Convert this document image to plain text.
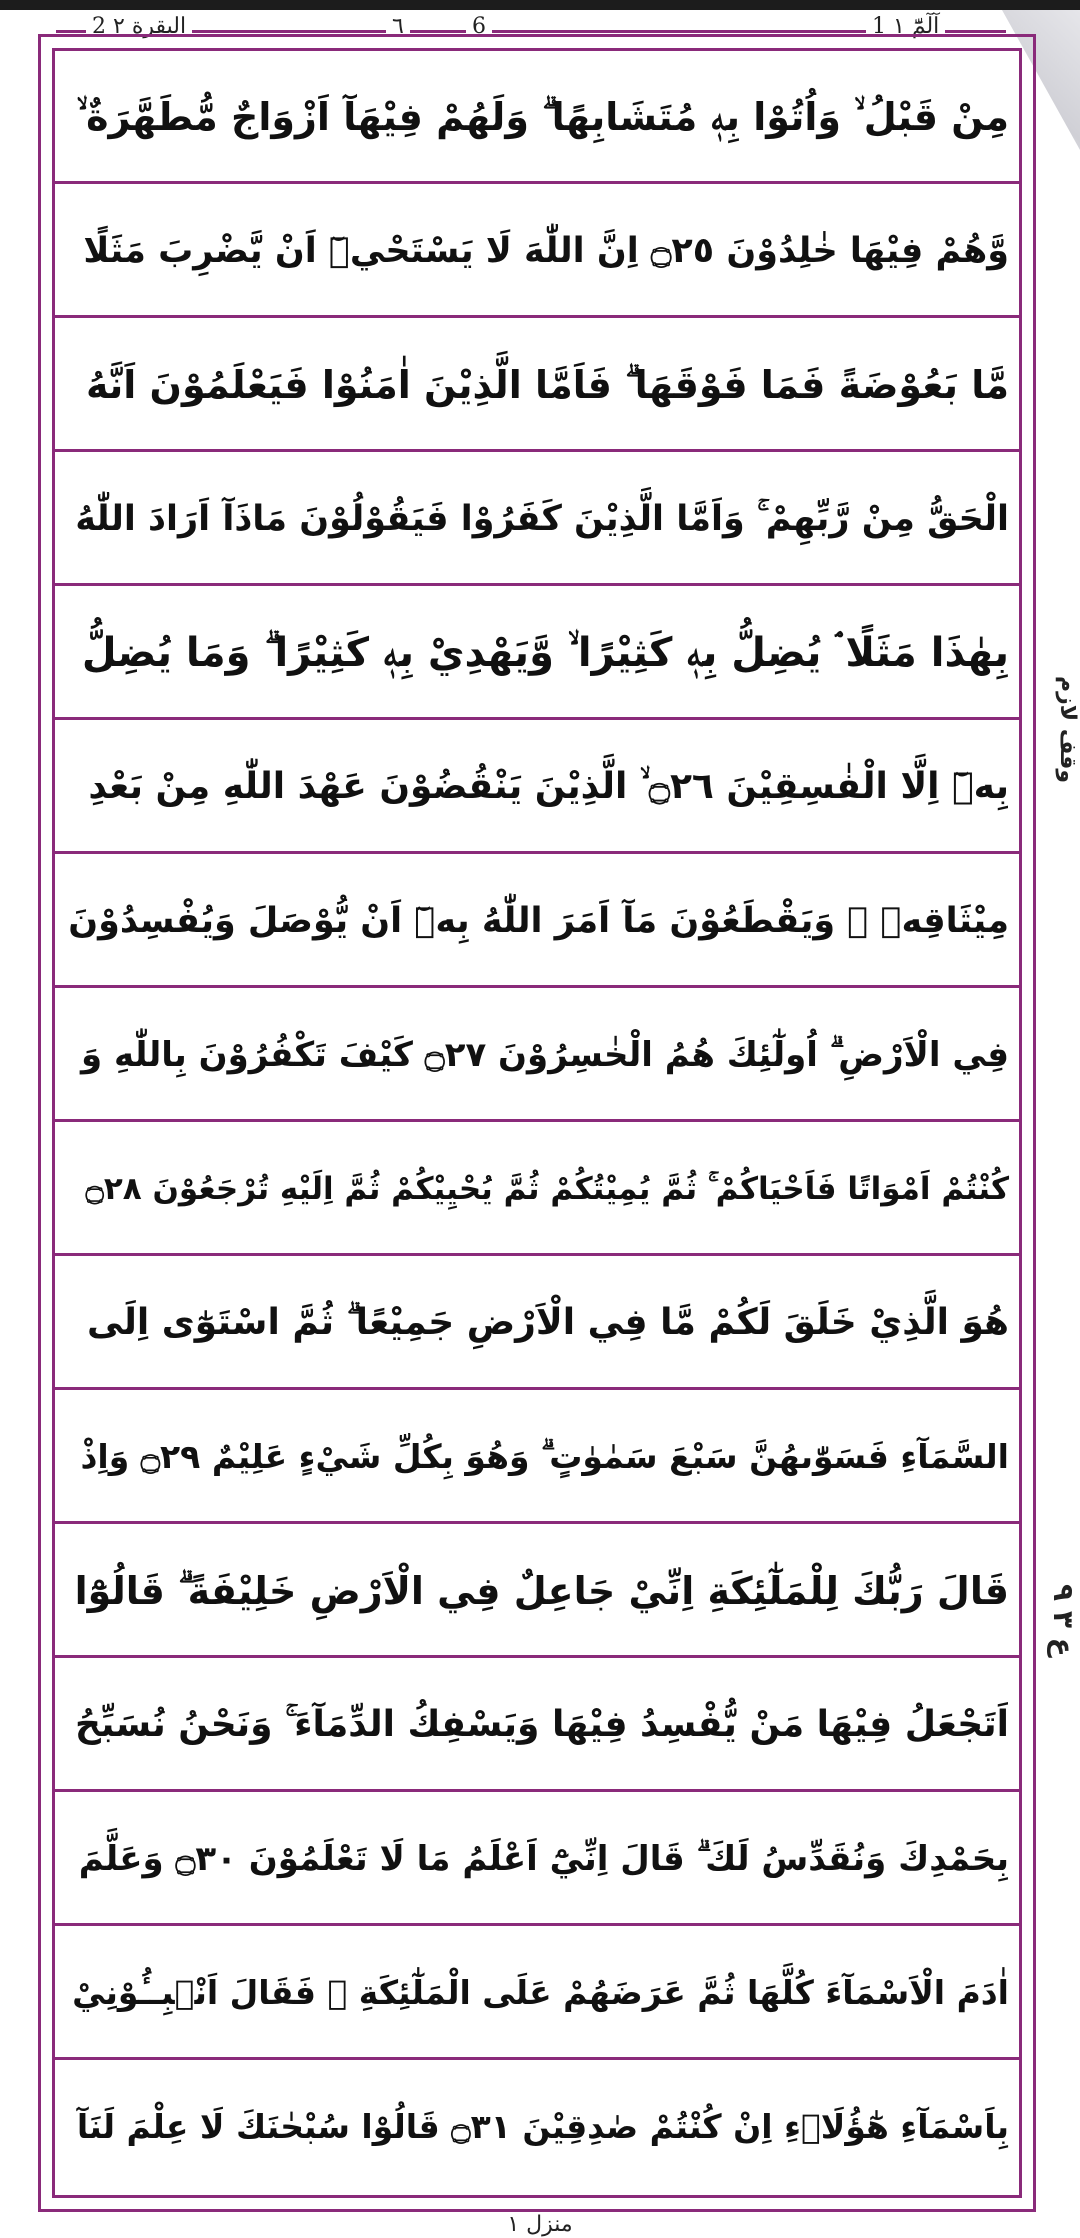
2 البقرة ٢	٦	6	1 آلٓمّٓ ١
مِنْ قَبْلُ ۙ وَاُتُوْا بِهٖ مُتَشَابِهًا ۗ وَلَهُمْ فِيْهَآ اَزْوَاجٌ مُّطَهَّرَةٌ ۙ
وَّهُمْ فِيْهَا خٰلِدُوْنَ ۝٢٥ اِنَّ اللّٰهَ لَا يَسْتَحْيٖٓ اَنْ يَّضْرِبَ مَثَلًا
مَّا بَعُوْضَةً فَمَا فَوْقَهَا ۗ فَاَمَّا الَّذِيْنَ اٰمَنُوْا فَيَعْلَمُوْنَ اَنَّهُ
الْحَقُّ مِنْ رَّبِّهِمْ ۚ وَاَمَّا الَّذِيْنَ كَفَرُوْا فَيَقُوْلُوْنَ مَاذَآ اَرَادَ اللّٰهُ
بِهٰذَا مَثَلًا ۘ يُضِلُّ بِهٖ كَثِيْرًا ۙ وَّيَهْدِيْ بِهٖ كَثِيْرًا ۗ وَمَا يُضِلُّ
بِهٖٓ اِلَّا الْفٰسِقِيْنَ ۝٢٦ ۙ الَّذِيْنَ يَنْقُضُوْنَ عَهْدَ اللّٰهِ مِنْ بَعْدِ
مِيْثَاقِهٖ ۠ وَيَقْطَعُوْنَ مَآ اَمَرَ اللّٰهُ بِهٖٓ اَنْ يُّوْصَلَ وَيُفْسِدُوْنَ
فِي الْاَرْضِ ۗ اُولٰٓئِكَ هُمُ الْخٰسِرُوْنَ ۝٢٧ كَيْفَ تَكْفُرُوْنَ بِاللّٰهِ وَ
كُنْتُمْ اَمْوَاتًا فَاَحْيَاكُمْ ۚ ثُمَّ يُمِيْتُكُمْ ثُمَّ يُحْيِيْكُمْ ثُمَّ اِلَيْهِ تُرْجَعُوْنَ ۝٢٨
هُوَ الَّذِيْ خَلَقَ لَكُمْ مَّا فِي الْاَرْضِ جَمِيْعًا ۗ ثُمَّ اسْتَوٰٓى اِلَى
السَّمَآءِ فَسَوّٰىهُنَّ سَبْعَ سَمٰوٰتٍ ۗ وَهُوَ بِكُلِّ شَيْءٍ عَلِيْمٌ ۝٢٩ وَاِذْ
قَالَ رَبُّكَ لِلْمَلٰٓئِكَةِ اِنِّيْ جَاعِلٌ فِي الْاَرْضِ خَلِيْفَةً ۗ قَالُوْٓا
اَتَجْعَلُ فِيْهَا مَنْ يُّفْسِدُ فِيْهَا وَيَسْفِكُ الدِّمَآءَ ۚ وَنَحْنُ نُسَبِّحُ
بِحَمْدِكَ وَنُقَدِّسُ لَكَ ۗ قَالَ اِنِّيْٓ اَعْلَمُ مَا لَا تَعْلَمُوْنَ ۝٣٠ وَعَلَّمَ
اٰدَمَ الْاَسْمَآءَ كُلَّهَا ثُمَّ عَرَضَهُمْ عَلَى الْمَلٰٓئِكَةِ ۙ فَقَالَ اَنْۢبِــُٔوْنِيْ
بِاَسْمَآءِ هٰٓؤُلَاۗءِ اِنْ كُنْتُمْ صٰدِقِيْنَ ۝٣١ قَالُوْا سُبْحٰنَكَ لَا عِلْمَ لَنَآ
وقف لازم
ع ٣ ٩
منزل ١
